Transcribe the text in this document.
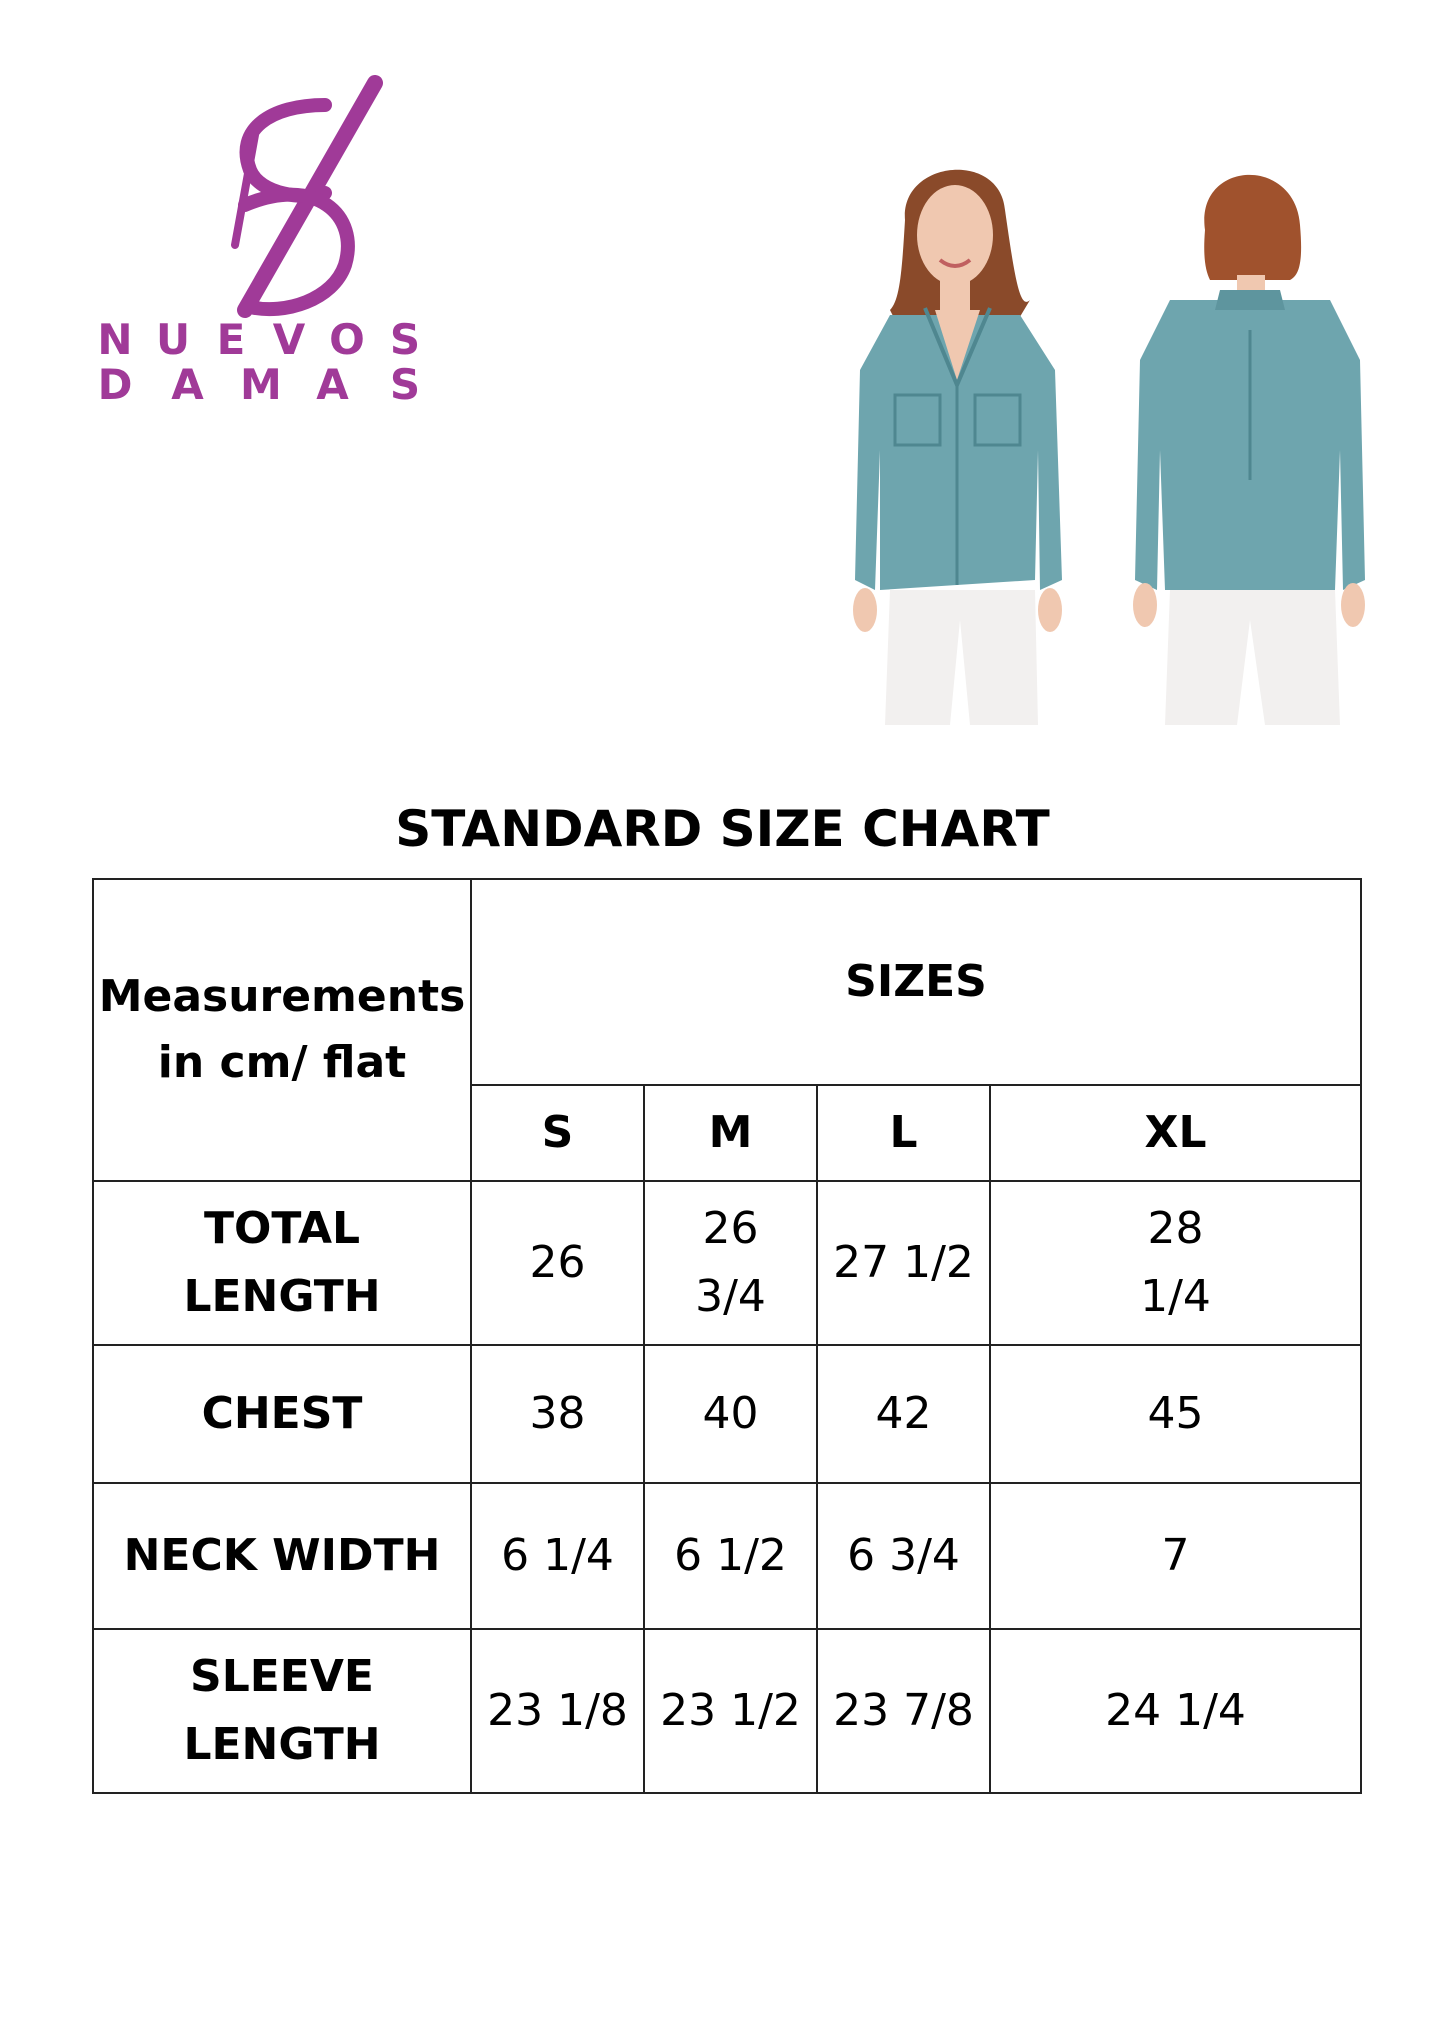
N U E V O S
D A M A S
STANDARD SIZE CHART
Measurements in cm/ flat	SIZES			
	S	M	L	XL
TOTAL LENGTH	26	26 3/4	27 1/2	28 1/4
CHEST	38	40	42	45
NECK WIDTH	6 1/4	6 1/2	6 3/4	7
SLEEVE LENGTH	23 1/8	23 1/2	23 7/8	24 1/4
